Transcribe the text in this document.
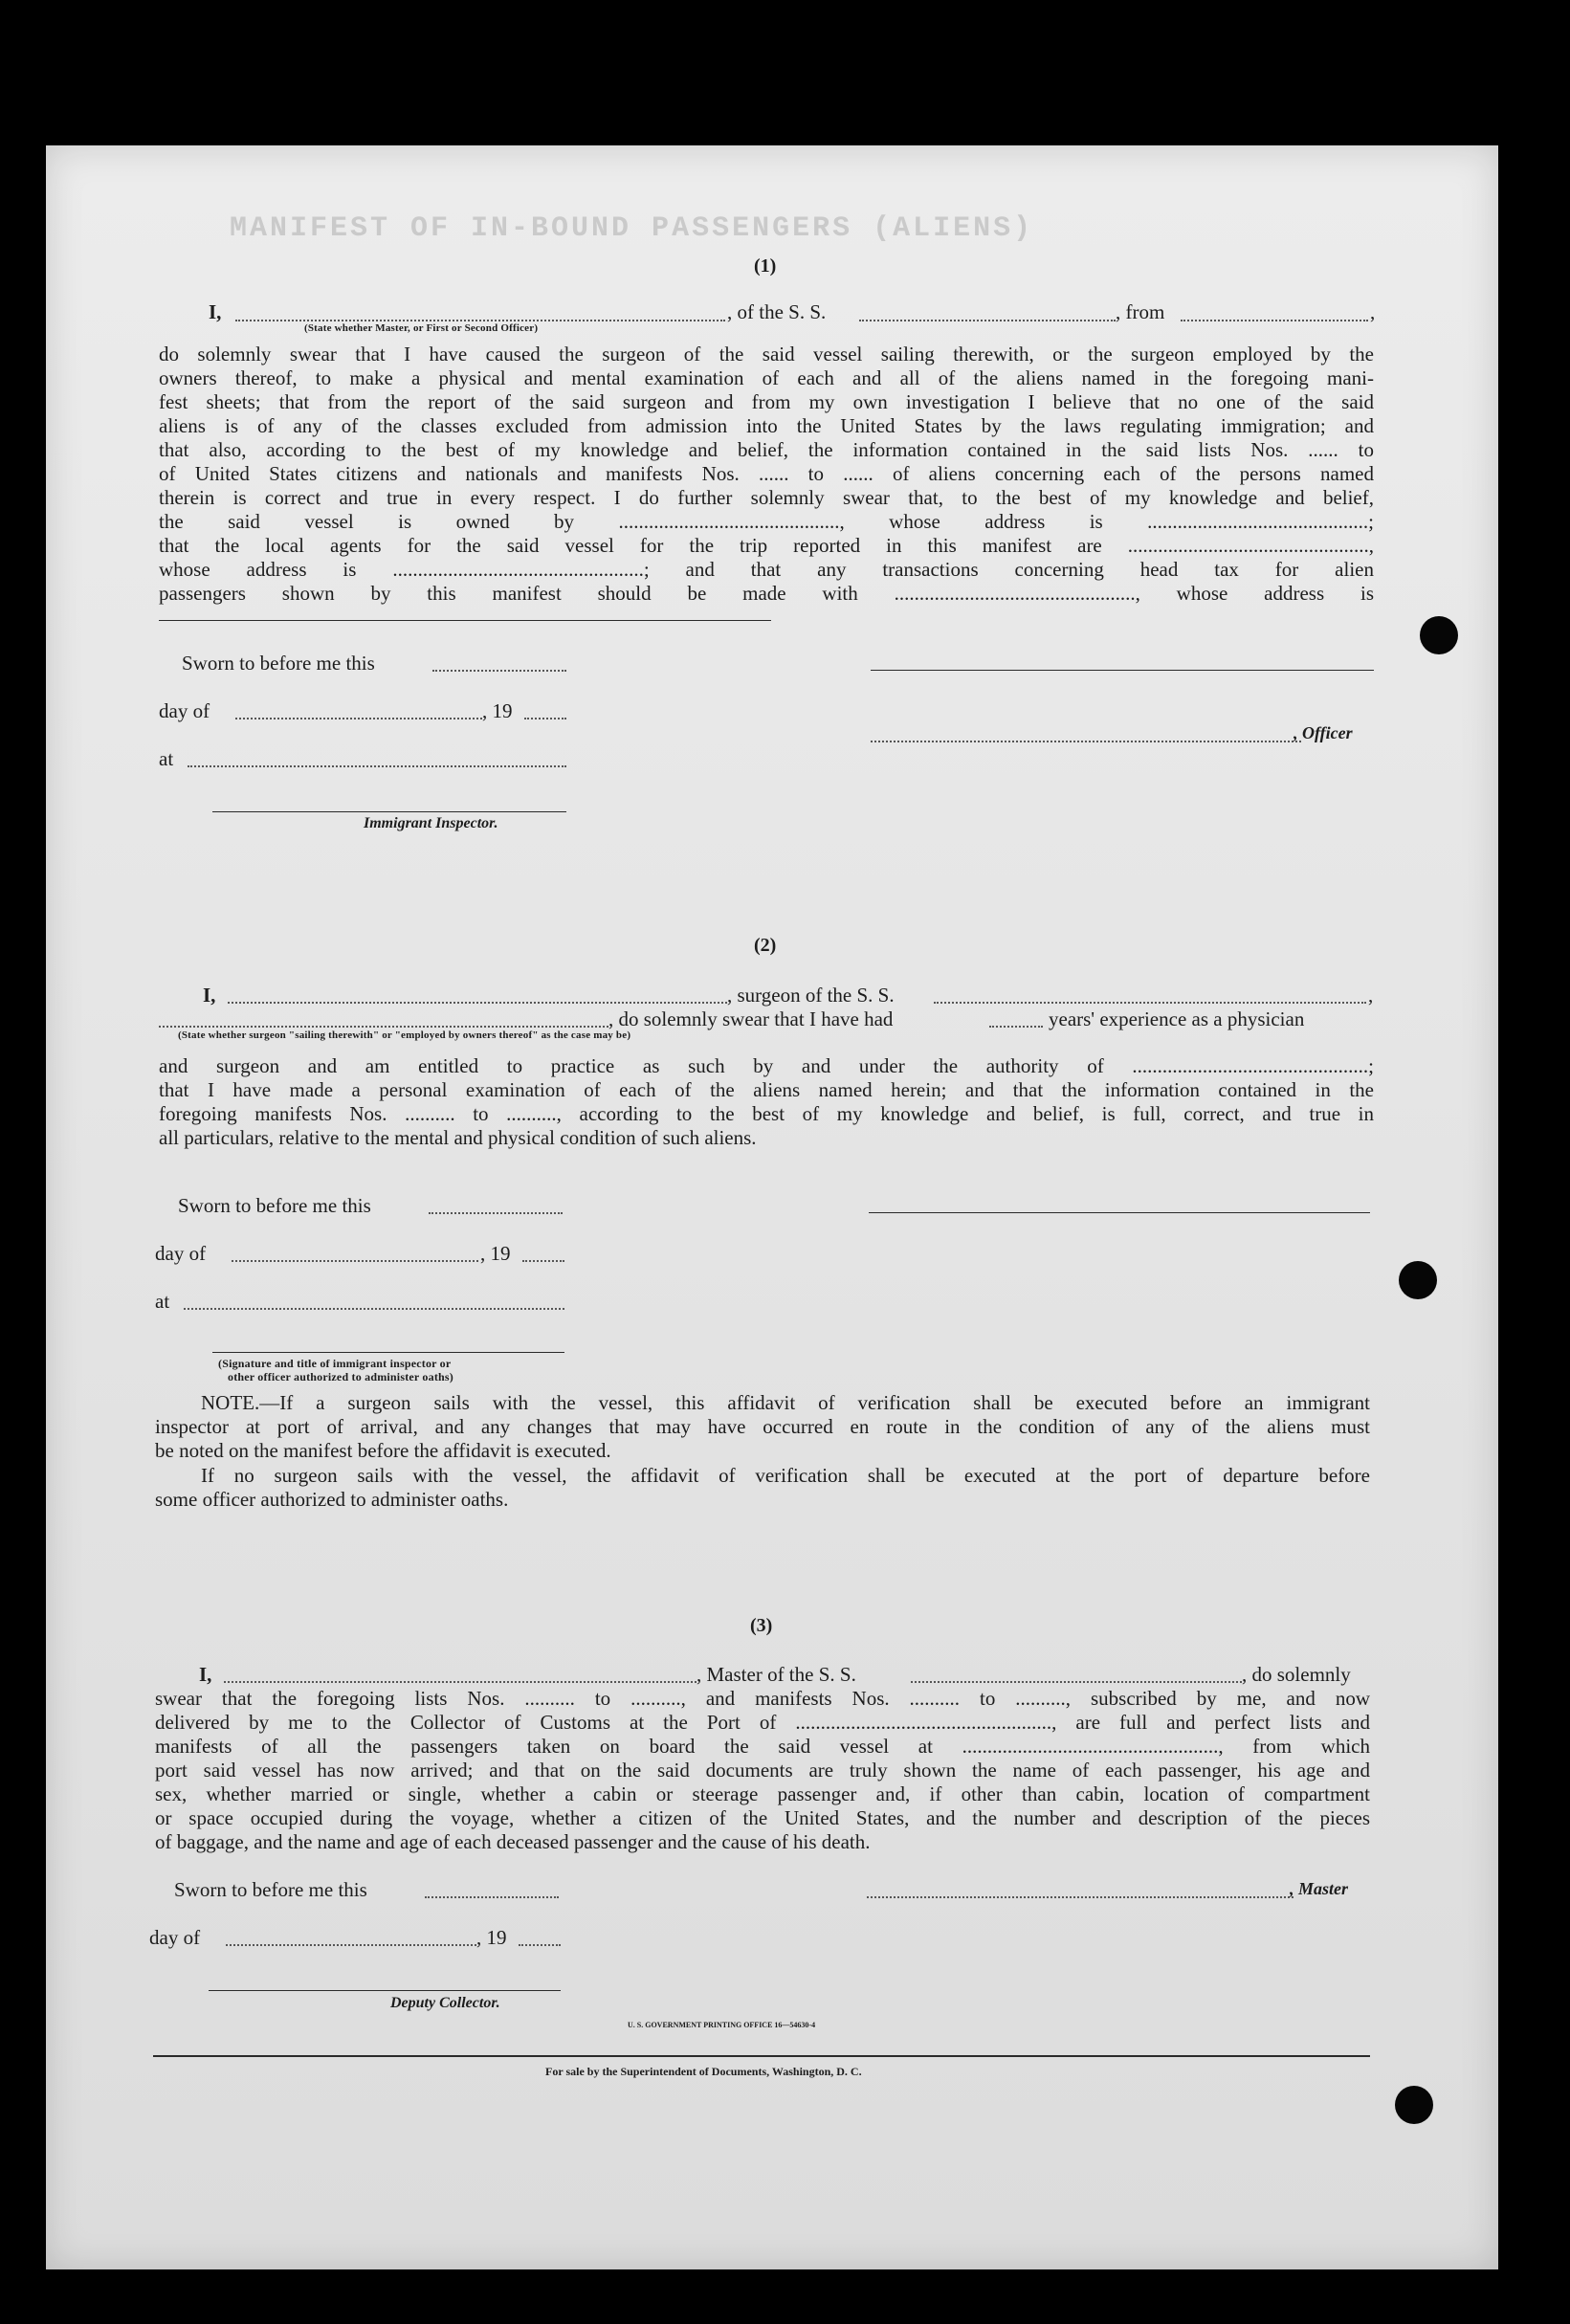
MANIFEST OF IN-BOUND PASSENGERS (ALIENS)
(1)
I,	, of the S. S.	, from	,
(State whether Master, or First or Second Officer)
do solemnly swear that I have caused the surgeon of the said vessel sailing therewith, or the surgeon employed by the
owners thereof, to make a physical and mental examination of each and all of the aliens named in the foregoing mani-
fest sheets; that from the report of the said surgeon and from my own investigation I believe that no one of the said
aliens is of any of the classes excluded from admission into the United States by the laws regulating immigration; and
that also, according to the best of my knowledge and belief, the information contained in the said lists Nos. ...... to
of United States citizens and nationals and manifests Nos. ...... to ...... of aliens concerning each of the persons named
therein is correct and true in every respect. I do further solemnly swear that, to the best of my knowledge and belief,
the said vessel is owned by ............................................, whose address is ............................................;
that the local agents for the said vessel for the trip reported in this manifest are ................................................,
whose address is ..................................................; and that any transactions concerning head tax for alien
passengers shown by this manifest should be made with ................................................, whose address is
Sworn to before me this
day of	, 19
, Officer
at
Immigrant Inspector.
(2)
I,	, surgeon of the S. S.	,
, do solemnly swear that I have had	years' experience as a physician
(State whether surgeon "sailing therewith" or "employed by owners thereof" as the case may be)
and surgeon and am entitled to practice as such by and under the authority of ...............................................;
that I have made a personal examination of each of the aliens named herein; and that the information contained in the
foregoing manifests Nos. .......... to .........., according to the best of my knowledge and belief, is full, correct, and true in
all particulars, relative to the mental and physical condition of such aliens.
Sworn to before me this
day of	, 19
at
(Signature and title of immigrant inspector or
other officer authorized to administer oaths)
NOTE.—If a surgeon sails with the vessel, this affidavit of verification shall be executed before an immigrant
inspector at port of arrival, and any changes that may have occurred en route in the condition of any of the aliens must
be noted on the manifest before the affidavit is executed.
If no surgeon sails with the vessel, the affidavit of verification shall be executed at the port of departure before
some officer authorized to administer oaths.
(3)
I,	, Master of the S. S.	, do solemnly
swear that the foregoing lists Nos. .......... to .........., and manifests Nos. .......... to .........., subscribed by me, and now
delivered by me to the Collector of Customs at the Port of ..................................................., are full and perfect lists and
manifests of all the passengers taken on board the said vessel at ..................................................., from which
port said vessel has now arrived; and that on the said documents are truly shown the name of each passenger, his age and
sex, whether married or single, whether a cabin or steerage passenger and, if other than cabin, location of compartment
or space occupied during the voyage, whether a citizen of the United States, and the number and description of the pieces
of baggage, and the name and age of each deceased passenger and the cause of his death.
Sworn to before me this	, Master
day of	, 19
Deputy Collector.
U. S. GOVERNMENT PRINTING OFFICE 16—54630-4
For sale by the Superintendent of Documents, Washington, D. C.
